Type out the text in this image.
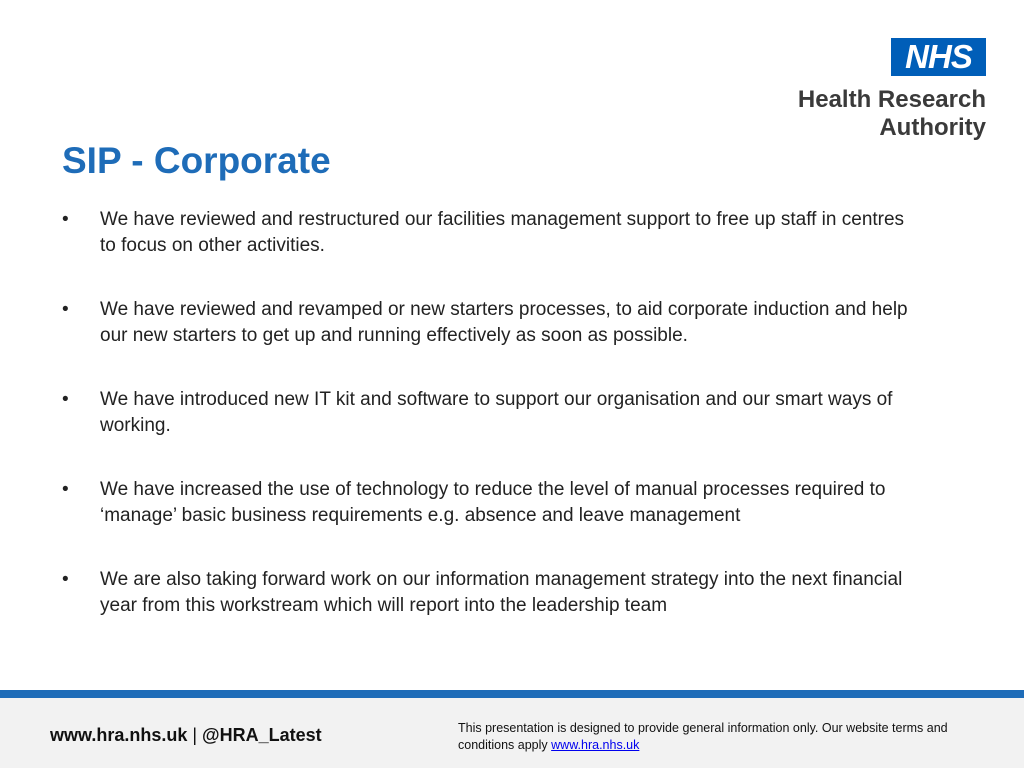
NHS
Health Research
Authority
SIP - Corporate
• We have reviewed and restructured our facilities management support to free up staff in centres to focus on other activities.
• We have reviewed and revamped or new starters processes, to aid corporate induction and help our new starters to get up and running effectively as soon as possible.
• We have introduced new IT kit and software to support our organisation and our smart ways of working.
• We have increased the use of technology to reduce the level of manual processes required to ‘manage’ basic business requirements e.g. absence and leave management
• We are also taking forward work on our information management strategy into the next financial year from this workstream which will report into the leadership team
www.hra.nhs.uk | @HRA_Latest	This presentation is designed to provide general information only. Our website terms and conditions apply www.hra.nhs.uk
